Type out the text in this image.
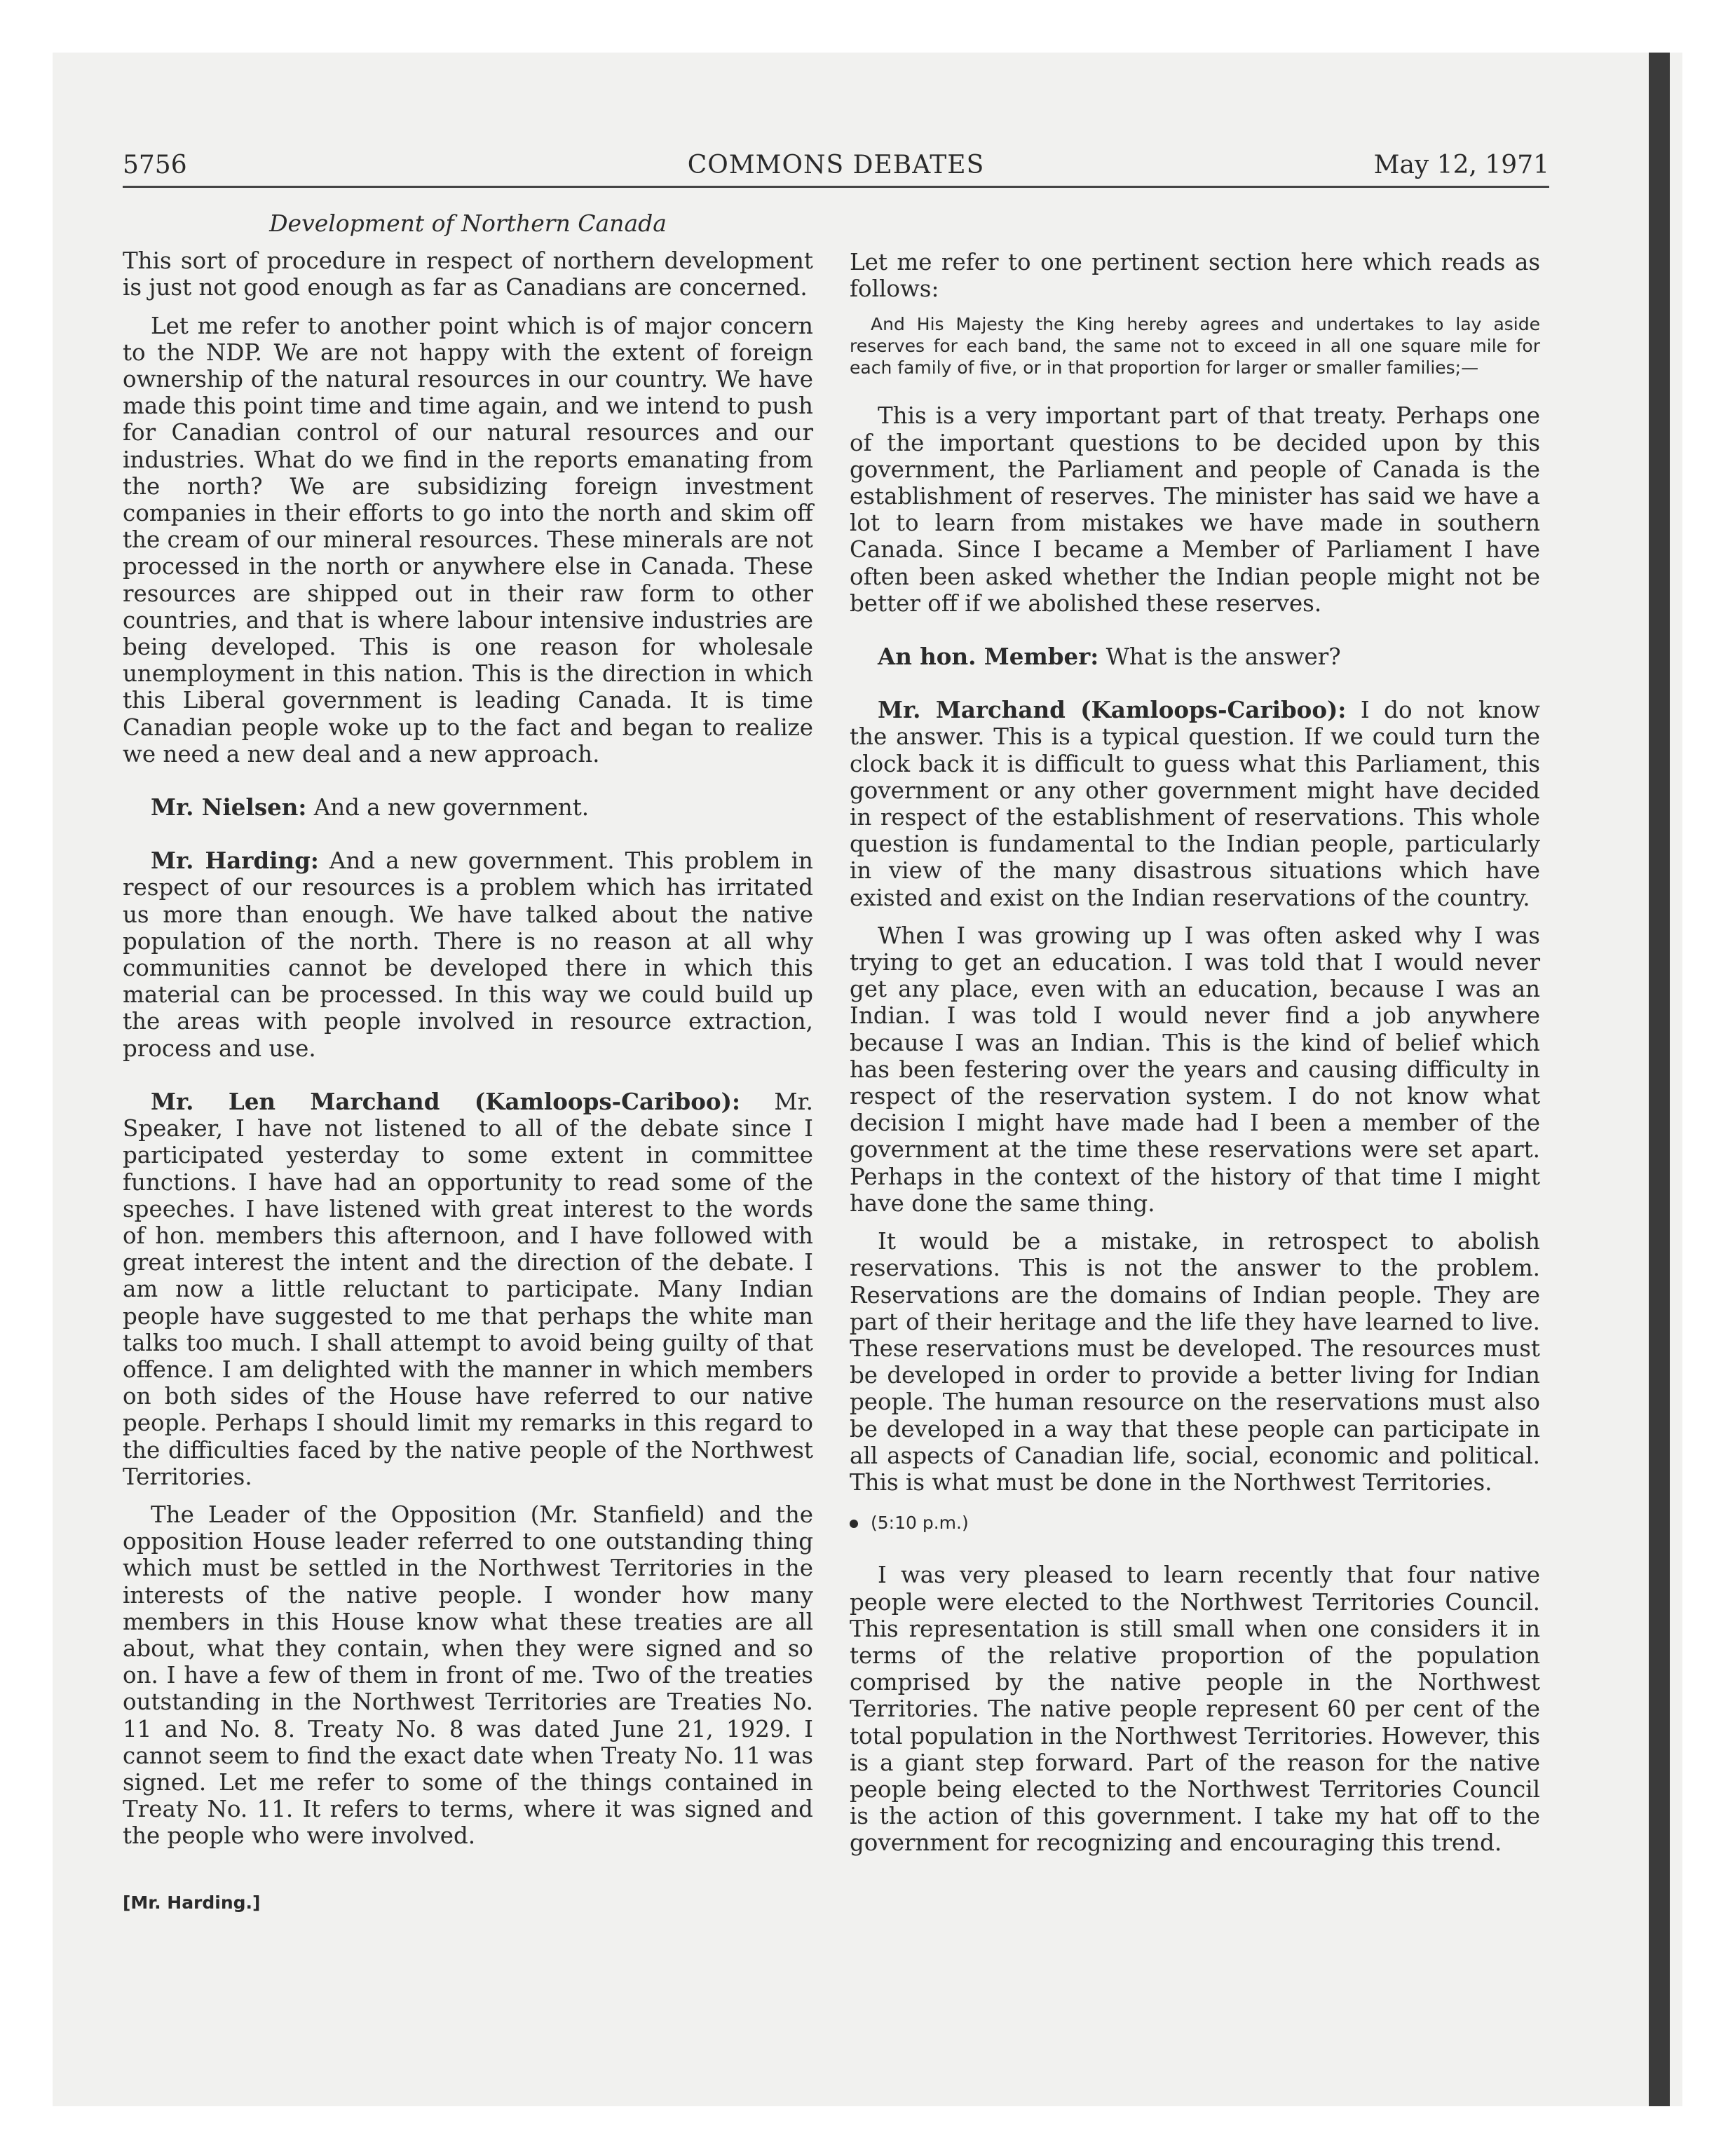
5756	COMMONS DEBATES	May 12, 1971
Development of Northern Canada

This sort of procedure in respect of northern development is just not good enough as far as Canadians are concerned.

Let me refer to another point which is of major concern to the NDP. We are not happy with the extent of foreign ownership of the natural resources in our country. We have made this point time and time again, and we intend to push for Canadian control of our natural resources and our industries. What do we find in the reports emanating from the north? We are subsidizing foreign investment companies in their efforts to go into the north and skim off the cream of our mineral resources. These minerals are not processed in the north or anywhere else in Canada. These resources are shipped out in their raw form to other countries, and that is where labour intensive industries are being developed. This is one reason for wholesale unemployment in this nation. This is the direction in which this Liberal government is leading Canada. It is time Canadian people woke up to the fact and began to realize we need a new deal and a new approach.

Mr. Nielsen: And a new government.

Mr. Harding: And a new government. This problem in respect of our resources is a problem which has irritated us more than enough. We have talked about the native population of the north. There is no reason at all why communities cannot be developed there in which this material can be processed. In this way we could build up the areas with people involved in resource extraction, process and use.

Mr. Len Marchand (Kamloops-Cariboo): Mr. Speaker, I have not listened to all of the debate since I participated yesterday to some extent in committee functions. I have had an opportunity to read some of the speeches. I have listened with great interest to the words of hon. members this afternoon, and I have followed with great interest the intent and the direction of the debate. I am now a little reluctant to participate. Many Indian people have suggested to me that perhaps the white man talks too much. I shall attempt to avoid being guilty of that offence. I am delighted with the manner in which members on both sides of the House have referred to our native people. Perhaps I should limit my remarks in this regard to the difficulties faced by the native people of the Northwest Territories.

The Leader of the Opposition (Mr. Stanfield) and the opposition House leader referred to one outstanding thing which must be settled in the Northwest Territories in the interests of the native people. I wonder how many members in this House know what these treaties are all about, what they contain, when they were signed and so on. I have a few of them in front of me. Two of the treaties outstanding in the Northwest Territories are Treaties No. 11 and No. 8. Treaty No. 8 was dated June 21, 1929. I cannot seem to find the exact date when Treaty No. 11 was signed. Let me refer to some of the things contained in Treaty No. 11. It refers to terms, where it was signed and the people who were involved.

Let me refer to one pertinent section here which reads as follows:

And His Majesty the King hereby agrees and undertakes to lay aside reserves for each band, the same not to exceed in all one square mile for each family of five, or in that proportion for larger or smaller families;—

This is a very important part of that treaty. Perhaps one of the important questions to be decided upon by this government, the Parliament and people of Canada is the establishment of reserves. The minister has said we have a lot to learn from mistakes we have made in southern Canada. Since I became a Member of Parliament I have often been asked whether the Indian people might not be better off if we abolished these reserves.

An hon. Member: What is the answer?

Mr. Marchand (Kamloops-Cariboo): I do not know the answer. This is a typical question. If we could turn the clock back it is difficult to guess what this Parliament, this government or any other government might have decided in respect of the establishment of reservations. This whole question is fundamental to the Indian people, particularly in view of the many disastrous situations which have existed and exist on the Indian reservations of the country.

When I was growing up I was often asked why I was trying to get an education. I was told that I would never get any place, even with an education, because I was an Indian. I was told I would never find a job anywhere because I was an Indian. This is the kind of belief which has been festering over the years and causing difficulty in respect of the reservation system. I do not know what decision I might have made had I been a member of the government at the time these reservations were set apart. Perhaps in the context of the history of that time I might have done the same thing.

It would be a mistake, in retrospect to abolish reservations. This is not the answer to the problem. Reservations are the domains of Indian people. They are part of their heritage and the life they have learned to live. These reservations must be developed. The resources must be developed in order to provide a better living for Indian people. The human resource on the reservations must also be developed in a way that these people can participate in all aspects of Canadian life, social, economic and political. This is what must be done in the Northwest Territories.

(5:10 p.m.)

I was very pleased to learn recently that four native people were elected to the Northwest Territories Council. This representation is still small when one considers it in terms of the relative proportion of the population comprised by the native people in the Northwest Territories. The native people represent 60 per cent of the total population in the Northwest Territories. However, this is a giant step forward. Part of the reason for the native people being elected to the Northwest Territories Council is the action of this government. I take my hat off to the government for recognizing and encouraging this trend.

[Mr. Harding.]
